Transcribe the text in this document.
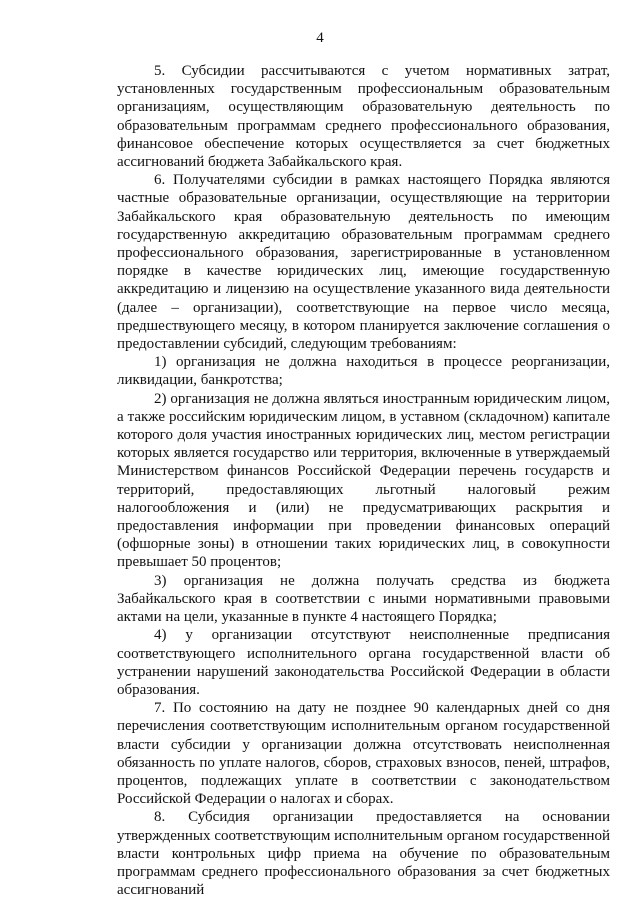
4

5. Субсидии рассчитываются с учетом нормативных затрат, установленных государственным профессиональным образовательным организациям, осуществляющим образовательную деятельность по образовательным программам среднего профессионального образования, финансовое обеспечение которых осуществляется за счет бюджетных ассигнований бюджета Забайкальского края.

6. Получателями субсидии в рамках настоящего Порядка являются частные образовательные организации, осуществляющие на территории Забайкальского края образовательную деятельность по имеющим государственную аккредитацию образовательным программам среднего профессионального образования, зарегистрированные в установленном порядке в качестве юридических лиц, имеющие государственную аккредитацию и лицензию на осуществление указанного вида деятельности (далее – организации), соответствующие на первое число месяца, предшествующего месяцу, в котором планируется заключение соглашения о предоставлении субсидий, следующим требованиям:

1) организация не должна находиться в процессе реорганизации, ликвидации, банкротства;

2) организация не должна являться иностранным юридическим лицом, а также российским юридическим лицом, в уставном (складочном) капитале которого доля участия иностранных юридических лиц, местом регистрации которых является государство или территория, включенные в утверждаемый Министерством финансов Российской Федерации перечень государств и территорий, предоставляющих льготный налоговый режим налогообложения и (или) не предусматривающих раскрытия и предоставления информации при проведении финансовых операций (офшорные зоны) в отношении таких юридических лиц, в совокупности превышает 50 процентов;

3) организация не должна получать средства из бюджета Забайкальского края в соответствии с иными нормативными правовыми актами на цели, указанные в пункте 4 настоящего Порядка;

4) у организации отсутствуют неисполненные предписания соответствующего исполнительного органа государственной власти об устранении нарушений законодательства Российской Федерации в области образования.

7. По состоянию на дату не позднее 90 календарных дней со дня перечисления соответствующим исполнительным органом государственной власти субсидии у организации должна отсутствовать неисполненная обязанность по уплате налогов, сборов, страховых взносов, пеней, штрафов, процентов, подлежащих уплате в соответствии с законодательством Российской Федерации о налогах и сборах.

8. Субсидия организации предоставляется на основании утвержденных соответствующим исполнительным органом государственной власти контрольных цифр приема на обучение по образовательным программам среднего профессионального образования за счет бюджетных ассигнований
